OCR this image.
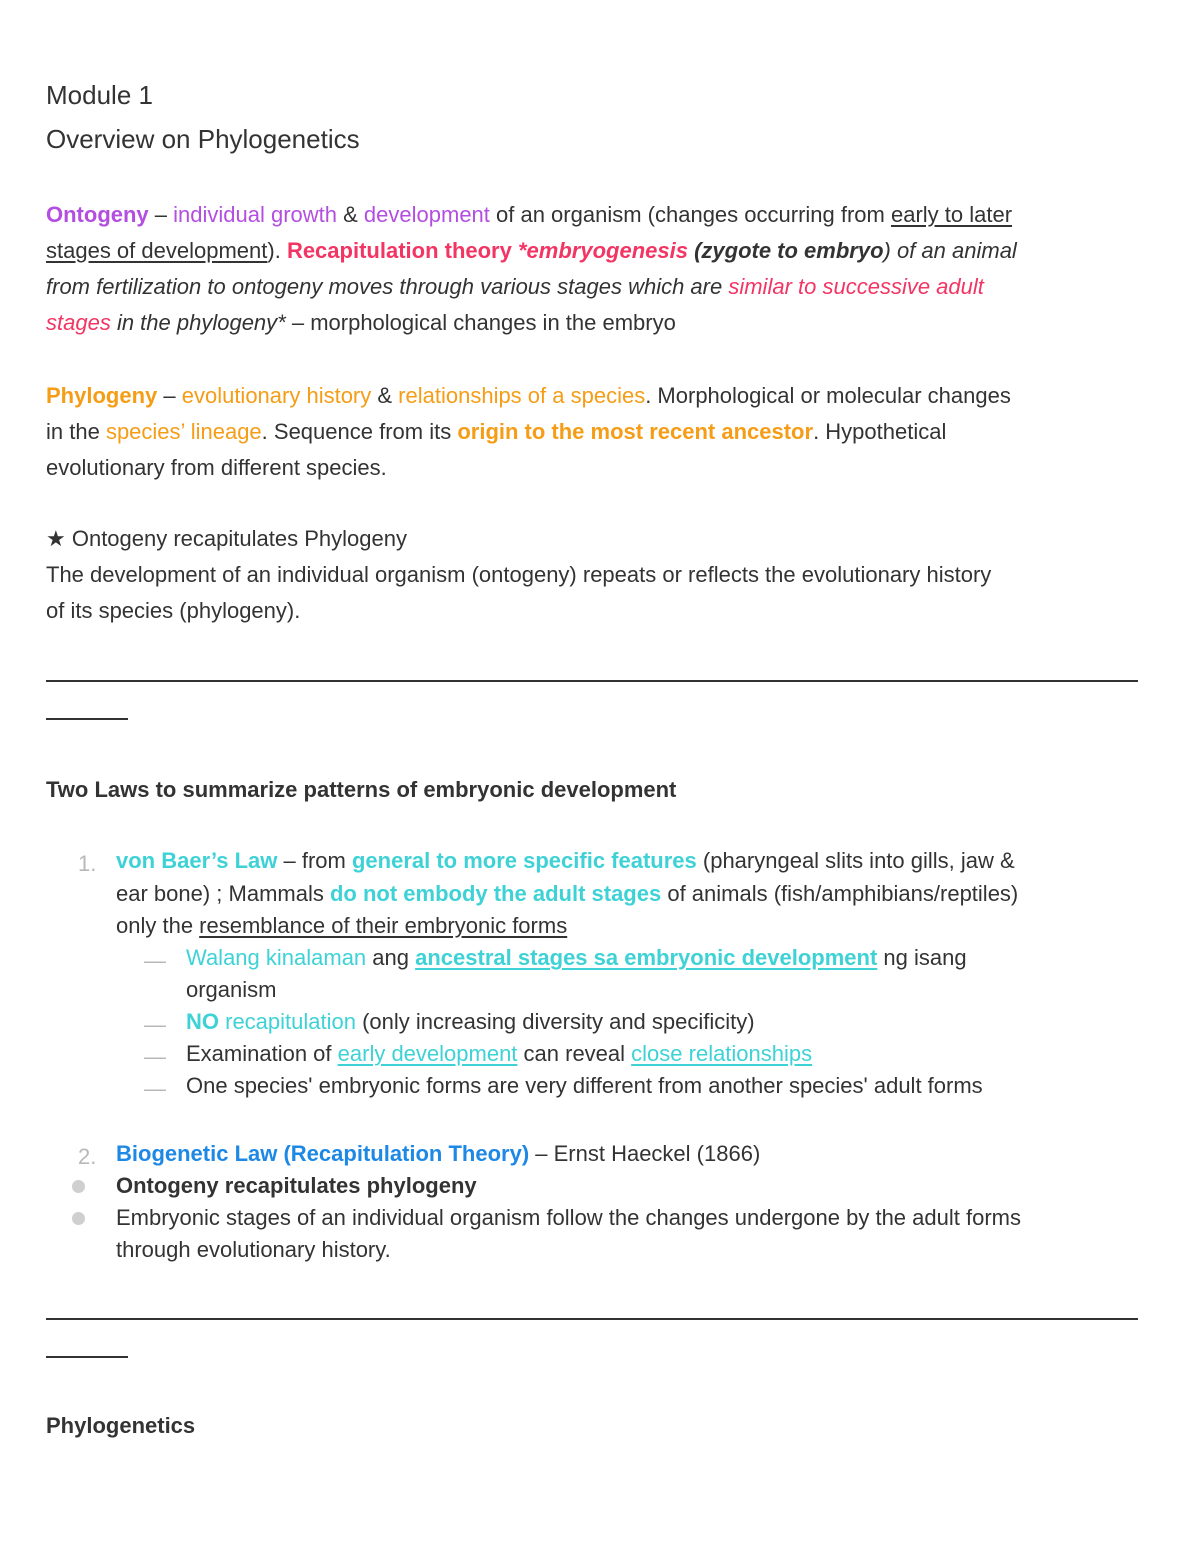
Module 1
Overview on Phylogenetics
Ontogeny – individual growth & development of an organism (changes occurring from early to later
stages of development). Recapitulation theory *embryogenesis (zygote to embryo) of an animal
from fertilization to ontogeny moves through various stages which are similar to successive adult
stages in the phylogeny* – morphological changes in the embryo
Phylogeny – evolutionary history & relationships of a species. Morphological or molecular changes
in the species’ lineage. Sequence from its origin to the most recent ancestor. Hypothetical
evolutionary from different species.
★ Ontogeny recapitulates Phylogeny
The development of an individual organism (ontogeny) repeats or reflects the evolutionary history
of its species (phylogeny).
Two Laws to summarize patterns of embryonic development
1. von Baer’s Law – from general to more specific features (pharyngeal slits into gills, jaw &
ear bone) ; Mammals do not embody the adult stages of animals (fish/amphibians/reptiles)
only the resemblance of their embryonic forms
— Walang kinalaman ang ancestral stages sa embryonic development ng isang
organism
— NO recapitulation (only increasing diversity and specificity)
— Examination of early development can reveal close relationships
— One species' embryonic forms are very different from another species' adult forms
2. Biogenetic Law (Recapitulation Theory) – Ernst Haeckel (1866)
Ontogeny recapitulates phylogeny
Embryonic stages of an individual organism follow the changes undergone by the adult forms
through evolutionary history.
Phylogenetics
